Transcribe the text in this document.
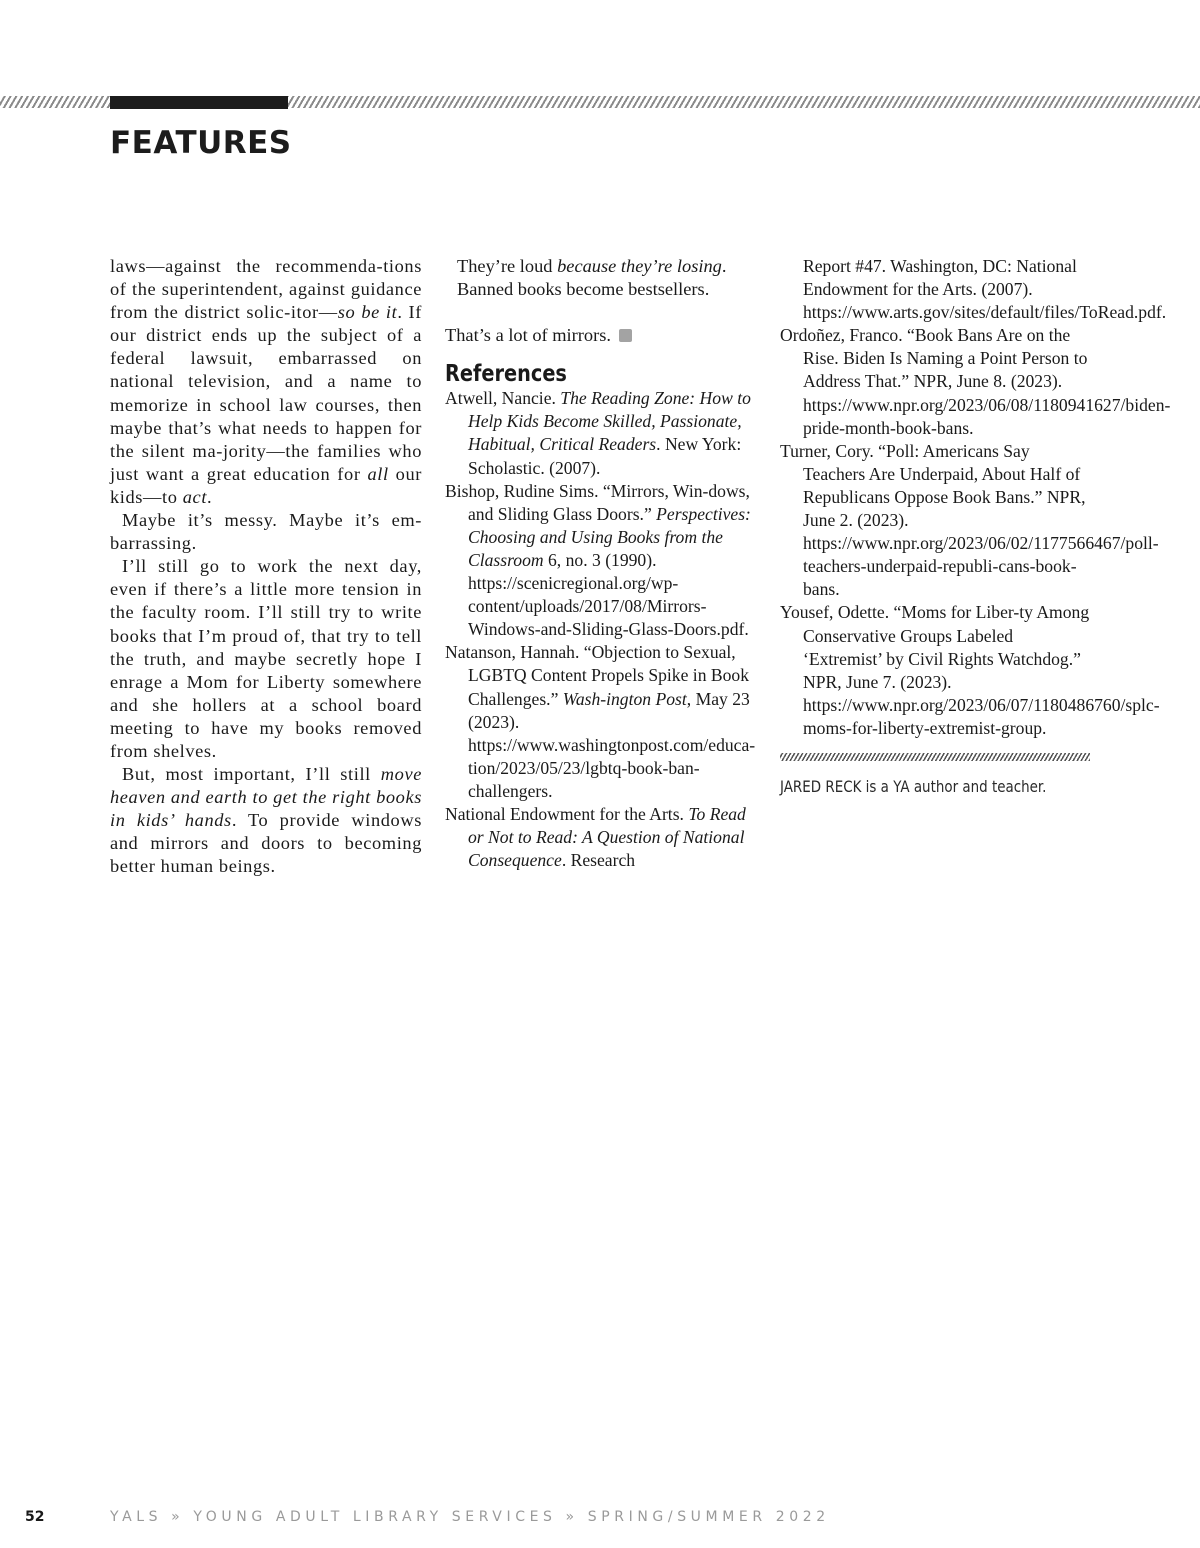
FEATURES

laws—against the recommenda-tions of the superintendent, against guidance from the district solic-itor—so be it. If our district ends up the subject of a federal lawsuit, embarrassed on national television, and a name to memorize in school law courses, then maybe that’s what needs to happen for the silent ma-jority—the families who just want a great education for all our kids—to act.

Maybe it’s messy. Maybe it’s em-barrassing.

I’ll still go to work the next day, even if there’s a little more tension in the faculty room. I’ll still try to write books that I’m proud of, that try to tell the truth, and maybe secretly hope I enrage a Mom for Liberty somewhere and she hollers at a school board meeting to have my books removed from shelves.

But, most important, I’ll still move heaven and earth to get the right books in kids’ hands. To provide windows and mirrors and doors to becoming better human beings.

They’re loud because they’re losing.

Banned books become bestsellers.

That’s a lot of mirrors.

References

Atwell, Nancie. The Reading Zone: How to Help Kids Become Skilled, Passionate, Habitual, Critical Readers. New York: Scholastic. (2007).

Bishop, Rudine Sims. “Mirrors, Win-dows, and Sliding Glass Doors.” Perspectives: Choosing and Using Books from the Classroom 6, no. 3 (1990). https://scenicregional.org/wp-content/uploads/2017/08/Mirrors-Windows-and-Sliding-Glass-Doors.pdf.

Natanson, Hannah. “Objection to Sexual, LGBTQ Content Propels Spike in Book Challenges.” Wash-ington Post, May 23 (2023). https://www.washingtonpost.com/educa-tion/2023/05/23/lgbtq-book-ban-challengers.

National Endowment for the Arts. To Read or Not to Read: A Question of National Consequence. Research

Report #47. Washington, DC: National Endowment for the Arts. (2007). https://www.arts.gov/sites/default/files/ToRead.pdf.

Ordoñez, Franco. “Book Bans Are on the Rise. Biden Is Naming a Point Person to Address That.” NPR, June 8. (2023). https://www.npr.org/2023/06/08/1180941627/biden-pride-month-book-bans.

Turner, Cory. “Poll: Americans Say Teachers Are Underpaid, About Half of Republicans Oppose Book Bans.” NPR, June 2. (2023). https://www.npr.org/2023/06/02/1177566467/poll-teachers-underpaid-republi-cans-book-bans.

Yousef, Odette. “Moms for Liber-ty Among Conservative Groups Labeled ‘Extremist’ by Civil Rights Watchdog.” NPR, June 7. (2023). https://www.npr.org/2023/06/07/1180486760/splc-moms-for-liberty-extremist-group.

JARED RECK is a YA author and teacher.

52	YALS » YOUNG ADULT LIBRARY SERVICES » SPRING/SUMMER 2022
